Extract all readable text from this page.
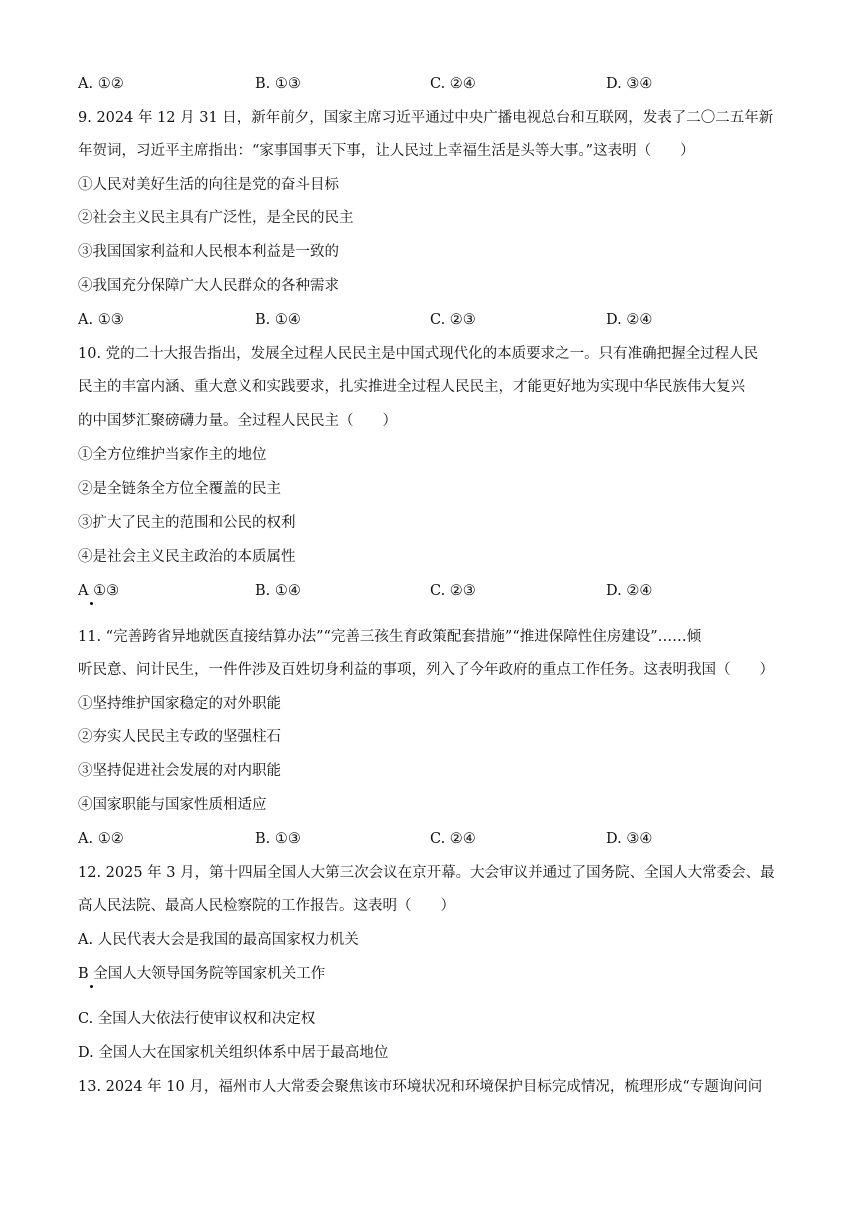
A. ①②	B. ①③	C. ②④	D. ③④
9. 2024 年 12 月 31 日，新年前夕，国家主席习近平通过中央广播电视总台和互联网，发表了二〇二五年新
年贺词，习近平主席指出：“家事国事天下事，让人民过上幸福生活是头等大事。”这表明（　　）
①人民对美好生活的向往是党的奋斗目标
②社会主义民主具有广泛性，是全民的民主
③我国国家利益和人民根本利益是一致的
④我国充分保障广大人民群众的各种需求
A. ①③	B. ①④	C. ②③	D. ②④
10. 党的二十大报告指出，发展全过程人民民主是中国式现代化的本质要求之一。只有准确把握全过程人民
民主的丰富内涵、重大意义和实践要求，扎实推进全过程人民民主，才能更好地为实现中华民族伟大复兴
的中国梦汇聚磅礴力量。全过程人民民主（　　）
①全方位维护当家作主的地位
②是全链条全方位全覆盖的民主
③扩大了民主的范围和公民的权利
④是社会主义民主政治的本质属性
A ①③	B. ①④	C. ②③	D. ②④
11. “完善跨省异地就医直接结算办法”“完善三孩生育政策配套措施”“推进保障性住房建设”……倾
听民意、问计民生，一件件涉及百姓切身利益的事项，列入了今年政府的重点工作任务。这表明我国（　　）
①坚持维护国家稳定的对外职能
②夯实人民民主专政的坚强柱石
③坚持促进社会发展的对内职能
④国家职能与国家性质相适应
A. ①②	B. ①③	C. ②④	D. ③④
12. 2025 年 3 月，第十四届全国人大第三次会议在京开幕。大会审议并通过了国务院、全国人大常委会、最
高人民法院、最高人民检察院的工作报告。这表明（　　）
A. 人民代表大会是我国的最高国家权力机关
B 全国人大领导国务院等国家机关工作
C. 全国人大依法行使审议权和决定权
D. 全国人大在国家机关组织体系中居于最高地位
13. 2024 年 10 月，福州市人大常委会聚焦该市环境状况和环境保护目标完成情况，梳理形成“专题询问问
